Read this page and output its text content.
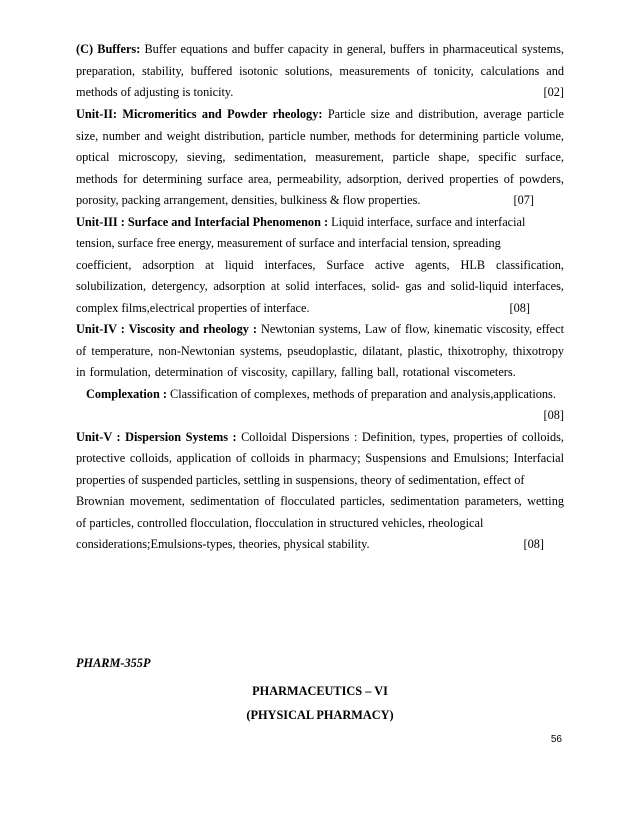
(C) Buffers: Buffer equations and buffer capacity in general, buffers in pharmaceutical systems,
preparation, stability, buffered isotonic solutions, measurements of tonicity, calculations and
methods of adjusting is tonicity.	[02]
Unit-II: Micromeritics and Powder rheology: Particle size and distribution, average particle
size, number and weight distribution, particle number, methods for determining particle volume,
optical microscopy, sieving, sedimentation, measurement, particle shape, specific surface,
methods for determining surface area, permeability, adsorption, derived properties of powders,
porosity, packing arrangement, densities, bulkiness & flow properties.	[07]
Unit-III : Surface and Interfacial Phenomenon : Liquid interface, surface and interfacial
tension, surface free energy, measurement of surface and interfacial tension, spreading
coefficient, adsorption at liquid interfaces, Surface active agents, HLB classification,
solubilization, detergency, adsorption at solid interfaces, solid- gas and solid-liquid interfaces,
complex films,electrical properties of interface.	[08]
Unit-IV : Viscosity and rheology : Newtonian systems, Law of flow, kinematic viscosity, effect
of temperature, non-Newtonian systems, pseudoplastic, dilatant, plastic, thixotrophy, thixotropy
in formulation, determination of viscosity, capillary, falling ball, rotational viscometers.
Complexation : Classification of complexes, methods of preparation and analysis,applications.
[08]
Unit-V : Dispersion Systems : Colloidal Dispersions : Definition, types, properties of colloids,
protective colloids, application of colloids in pharmacy; Suspensions and Emulsions; Interfacial
properties of suspended particles, settling in suspensions, theory of sedimentation, effect of
Brownian movement, sedimentation of flocculated particles, sedimentation parameters, wetting
of particles, controlled flocculation, flocculation in structured vehicles, rheological
considerations;Emulsions-types, theories, physical stability.	[08]
PHARM-355P
PHARMACEUTICS – VI
(PHYSICAL PHARMACY)
56
